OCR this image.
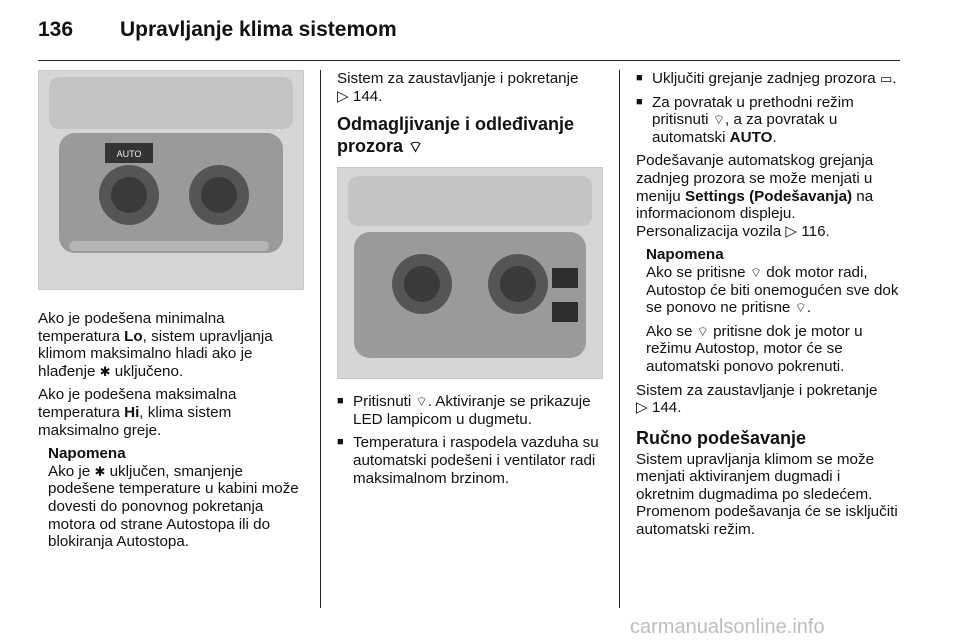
136 Upravljanje klima sistemom
AUTO

Ako je podešena minimalna temperatura Lo, sistem upravljanja klimom maksimalno hladi ako je hlađenje ✱ uključeno.

Ako je podešena maksimalna temperatura Hi, klima sistem maksimalno greje.

Napomena
Ako je ✱ uključen, smanjenje podešene temperature u kabini može dovesti do ponovnog pokretanja motora od strane Autostopa ili do blokiranja Autostopa.

Sistem za zaustavljanje i pokretanje
▷ 144.

Odmagljivanje i odleđivanje prozora ⌔
■ Pritisnuti ⌔. Aktiviranje se prikazuje LED lampicom u dugmetu.
■ Temperatura i raspodela vazduha su automatski podešeni i ventilator radi maksimalnom brzinom.
■ Uključiti grejanje zadnjeg prozora ▭.
■ Za povratak u prethodni režim pritisnuti ⌔, a za povratak u automatski AUTO.

Podešavanje automatskog grejanja zadnjeg prozora se može menjati u meniju Settings (Podešavanja) na informacionom displeju.
Personalizacija vozila ▷ 116.

Napomena

Ako se pritisne ⌔ dok motor radi, Autostop će biti onemogućen sve dok se ponovo ne pritisne ⌔.

Ako se ⌔ pritisne dok je motor u režimu Autostop, motor će se automatski ponovo pokrenuti.

Sistem za zaustavljanje i pokretanje
▷ 144.

Ručno podešavanje

Sistem upravljanja klimom se može menjati aktiviranjem dugmadi i okretnim dugmadima po sledećem. Promenom podešavanja će se isključiti automatski režim.

carmanualsonline.info
